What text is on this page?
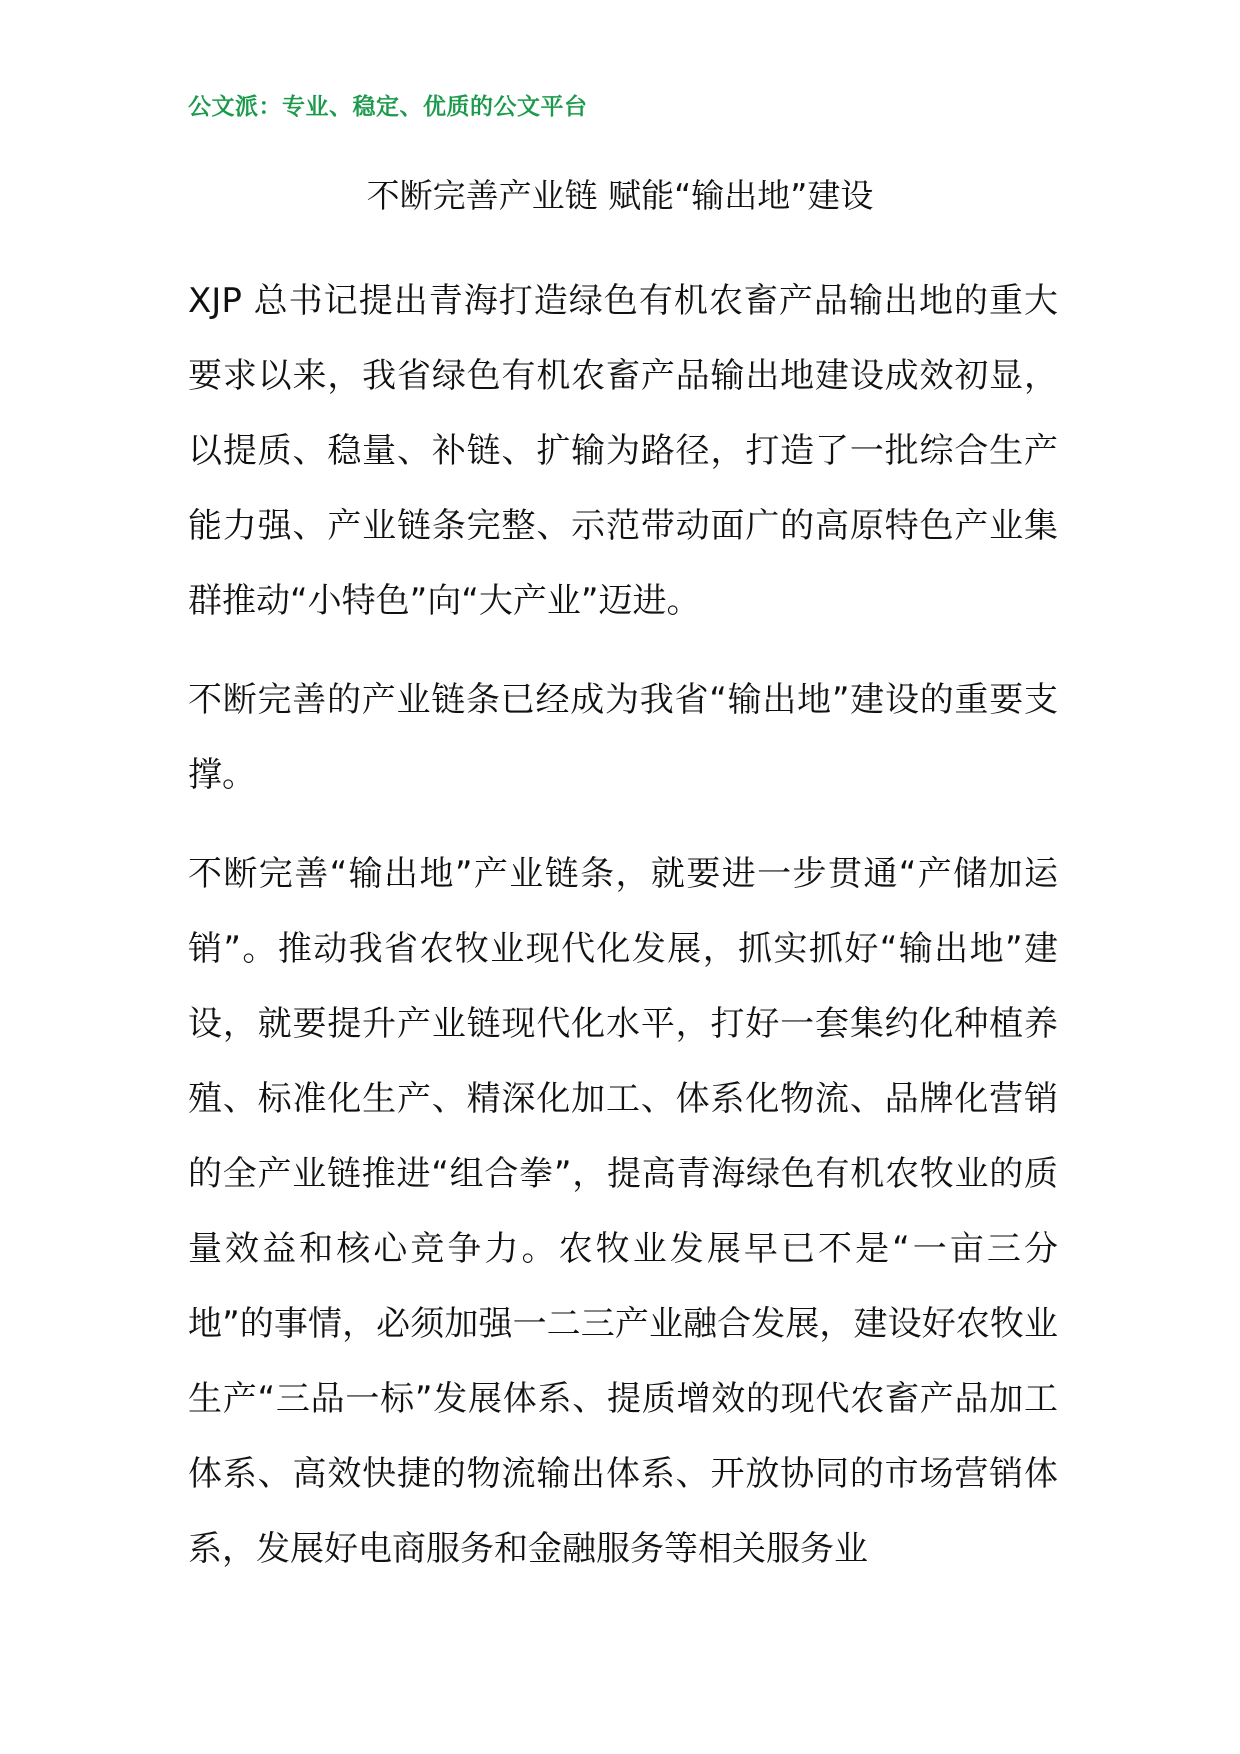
公文派：专业、稳定、优质的公文平台
不断完善产业链 赋能“输出地”建设

XJP 总书记提出青海打造绿色有机农畜产品输出地的重大要求以来，我省绿色有机农畜产品输出地建设成效初显，以提质、稳量、补链、扩输为路径，打造了一批综合生产能力强、产业链条完整、示范带动面广的高原特色产业集群推动“小特色”向“大产业”迈进。

不断完善的产业链条已经成为我省“输出地”建设的重要支撑。

不断完善“输出地”产业链条，就要进一步贯通“产储加运销”。推动我省农牧业现代化发展，抓实抓好“输出地”建设，就要提升产业链现代化水平，打好一套集约化种植养殖、标准化生产、精深化加工、体系化物流、品牌化营销的全产业链推进“组合拳”，提高青海绿色有机农牧业的质量效益和核心竞争力。农牧业发展早已不是“一亩三分地”的事情，必须加强一二三产业融合发展，建设好农牧业生产“三品一标”发展体系、提质增效的现代农畜产品加工体系、高效快捷的物流输出体系、开放协同的市场营销体系，发展好电商服务和金融服务等相关服务业
